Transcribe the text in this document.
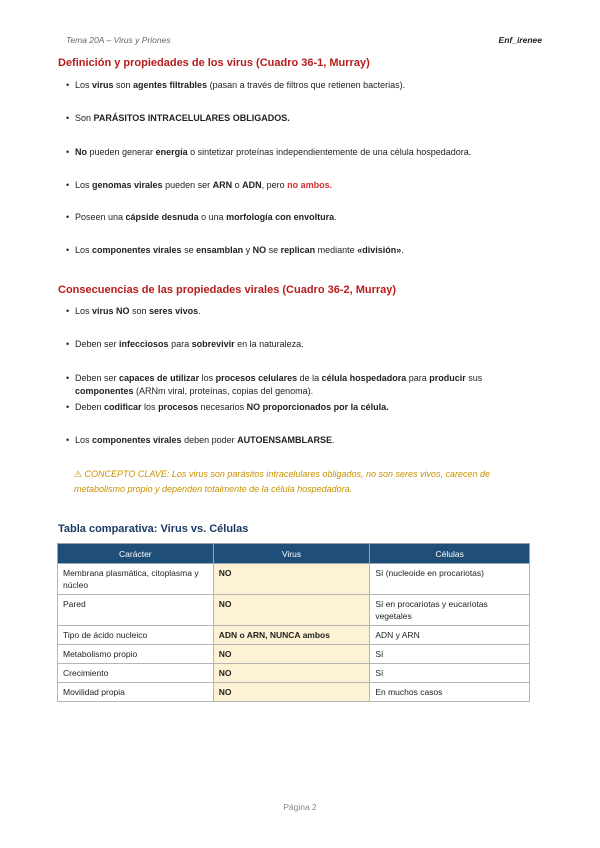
Tema 20A – Virus y Priones	Enf_irenee
Definición y propiedades de los virus (Cuadro 36-1, Murray)
• Los virus son agentes filtrables (pasan a través de filtros que retienen bacterias).
• Son PARÁSITOS INTRACELULARES OBLIGADOS.
• No pueden generar energía o sintetizar proteínas independientemente de una célula hospedadora.
• Los genomas virales pueden ser ARN o ADN, pero no ambos.
• Poseen una cápside desnuda o una morfología con envoltura.
• Los componentes virales se ensamblan y NO se replican mediante «división».
Consecuencias de las propiedades virales (Cuadro 36-2, Murray)
• Los virus NO son seres vivos.
• Deben ser infecciosos para sobrevivir en la naturaleza.
• Deben ser capaces de utilizar los procesos celulares de la célula hospedadora para producir sus componentes (ARNm viral, proteínas, copias del genoma).
• Deben codificar los procesos necesarios NO proporcionados por la célula.
• Los componentes virales deben poder AUTOENSAMBLARSE.
⚠ CONCEPTO CLAVE: Los virus son parásitos intracelulares obligados, no son seres vivos, carecen de metabolismo propio y dependen totalmente de la célula hospedadora.
Tabla comparativa: Virus vs. Células
Carácter	Virus	Células
Membrana plasmática, citoplasma y núcleo	NO	Sí (nucleoide en procariotas)
Pared	NO	Sí en procariotas y eucariotas vegetales
Tipo de ácido nucleico	ADN o ARN, NUNCA ambos	ADN y ARN
Metabolismo propio	NO	Sí
Crecimiento	NO	Sí
Movilidad propia	NO	En muchos casos
Página 2
